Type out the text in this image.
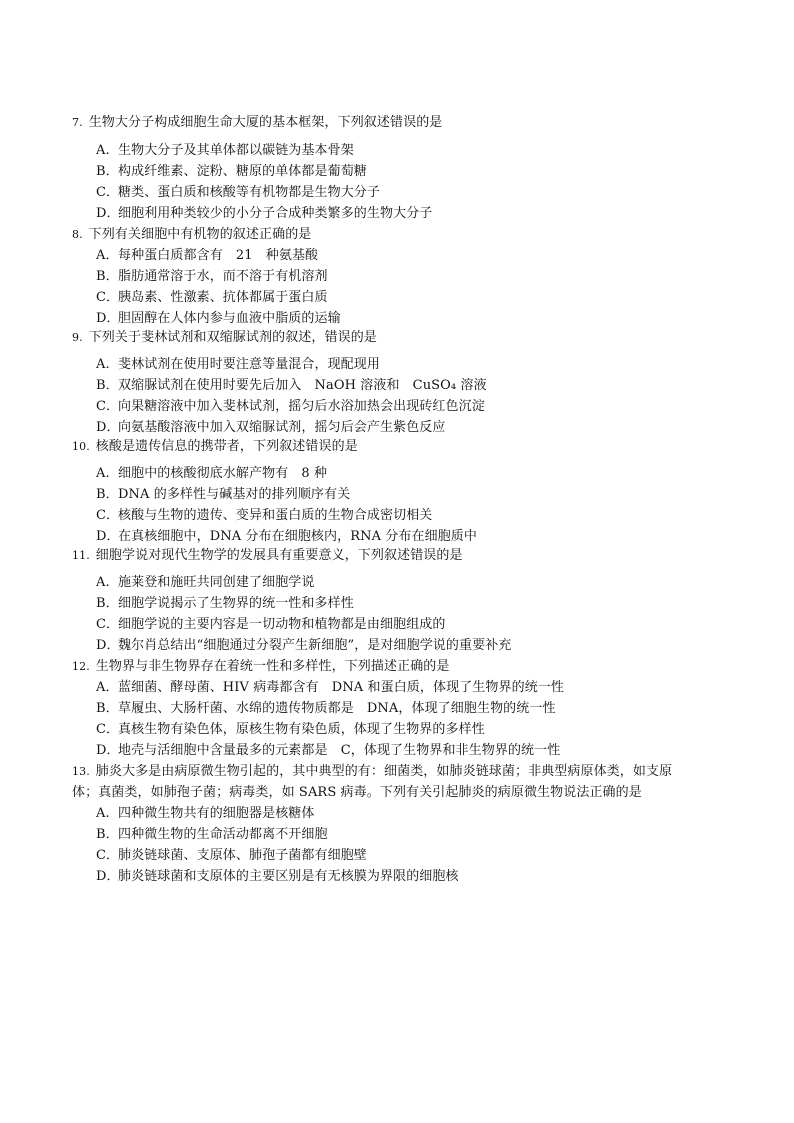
7. 生物大分子构成细胞生命大厦的基本框架，下列叙述错误的是
A. 生物大分子及其单体都以碳链为基本骨架
B．构成纤维素、淀粉、糖原的单体都是葡萄糖
C．糖类、蛋白质和核酸等有机物都是生物大分子
D．细胞利用种类较少的小分子合成种类繁多的生物大分子
8. 下列有关细胞中有机物的叙述正确的是
A．每种蛋白质都含有　21　种氨基酸
B．脂肪通常溶于水，而不溶于有机溶剂
C．胰岛素、性激素、抗体都属于蛋白质
D．胆固醇在人体内参与血液中脂质的运输
9. 下列关于斐林试剂和双缩脲试剂的叙述，错误的是
A. 斐林试剂在使用时要注意等量混合，现配现用
B．双缩脲试剂在使用时要先后加入　NaOH 溶液和　CuSO₄ 溶液
C．向果糖溶液中加入斐林试剂，摇匀后水浴加热会出现砖红色沉淀
D．向氨基酸溶液中加入双缩脲试剂，摇匀后会产生紫色反应
10. 核酸是遗传信息的携带者，下列叙述错误的是
A. 细胞中的核酸彻底水解产物有　8 种
B．DNA 的多样性与碱基对的排列顺序有关
C．核酸与生物的遗传、变异和蛋白质的生物合成密切相关
D．在真核细胞中，DNA 分布在细胞核内，RNA 分布在细胞质中
11. 细胞学说对现代生物学的发展具有重要意义，下列叙述错误的是
A. 施莱登和施旺共同创建了细胞学说
B．细胞学说揭示了生物界的统一性和多样性
C．细胞学说的主要内容是一切动物和植物都是由细胞组成的
D．魏尔肖总结出“细胞通过分裂产生新细胞”，是对细胞学说的重要补充
12. 生物界与非生物界存在着统一性和多样性，下列描述正确的是
A．蓝细菌、酵母菌、HIV 病毒都含有　DNA 和蛋白质，体现了生物界的统一性
B．草履虫、大肠杆菌、水绵的遗传物质都是　DNA，体现了细胞生物的统一性
C．真核生物有染色体，原核生物有染色质，体现了生物界的多样性
D．地壳与活细胞中含量最多的元素都是　C，体现了生物界和非生物界的统一性
13. 肺炎大多是由病原微生物引起的，其中典型的有：细菌类，如肺炎链球菌；非典型病原体类，如支原
体；真菌类，如肺孢子菌；病毒类，如 SARS 病毒。下列有关引起肺炎的病原微生物说法正确的是
A. 四种微生物共有的细胞器是核糖体
B．四种微生物的生命活动都离不开细胞
C．肺炎链球菌、支原体、肺孢子菌都有细胞壁
D．肺炎链球菌和支原体的主要区别是有无核膜为界限的细胞核
